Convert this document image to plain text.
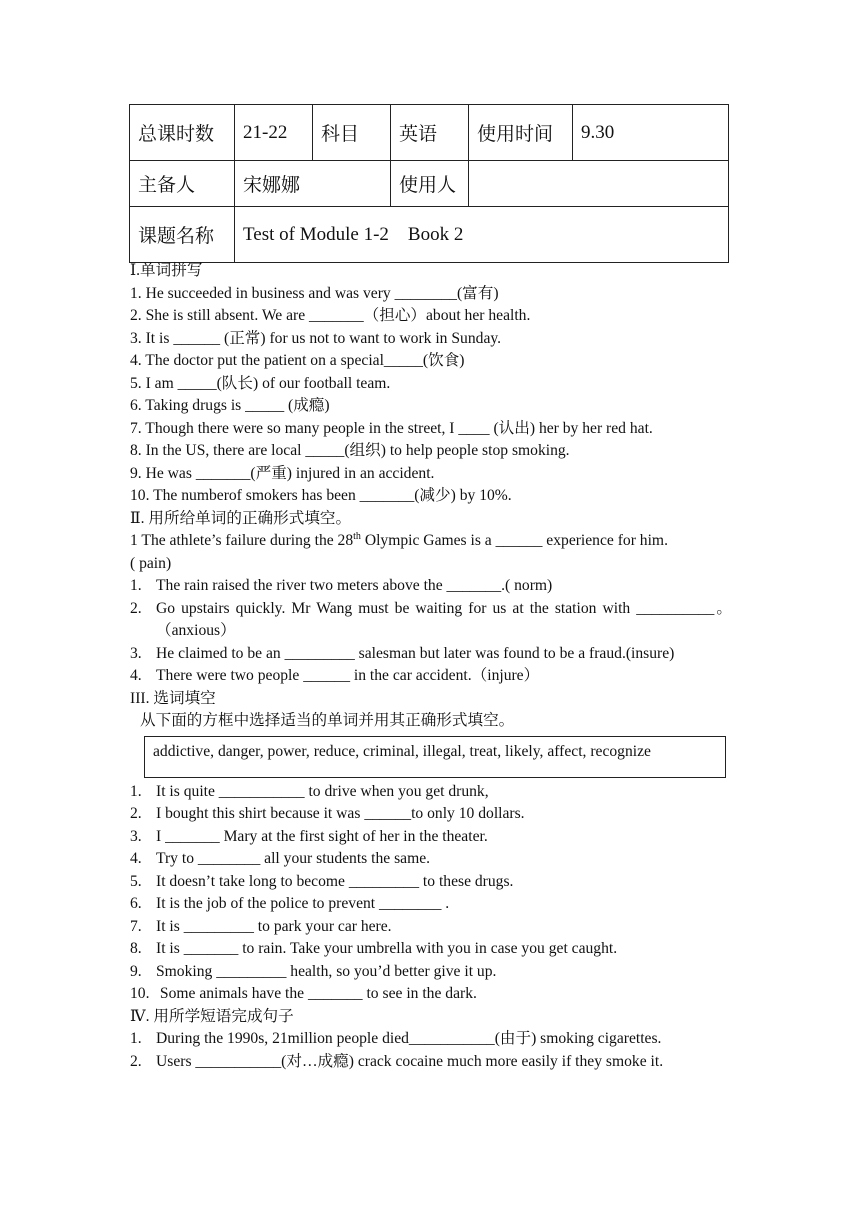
总课时数	21-22	科目	英语	使用时间	9.30
主备人	宋娜娜		使用人		
课题名称	Test of Module 1-2    Book 2				
Ⅰ.单词拼写
1. He succeeded in business and was very ________(富有)
2. She is still absent. We are _______（担心）about her health.
3. It is ______ (正常) for us not to want to work in Sunday.
4. The doctor put the patient on a special_____(饮食)
5. I am _____(队长) of our football team.
6. Taking drugs is _____ (成瘾)
7. Though there were so many people in the street, I ____ (认出) her by her red hat.
8. In the US, there are local _____(组织) to help people stop smoking.
9. He was _______(严重) injured in an accident.
10. The numberof smokers has been _______(减少) by 10%.
Ⅱ. 用所给单词的正确形式填空。
1 The athlete’s failure during the 28th Olympic Games is a ______ experience for him.
( pain)
1. The rain raised the river two meters above the _______.( norm)
2. Go upstairs quickly. Mr Wang must be waiting for us at the station with __________。（anxious）
3. He claimed to be an _________ salesman but later was found to be a fraud.(insure)
4. There were two people ______ in the car accident.（injure）
III. 选词填空
从下面的方框中选择适当的单词并用其正确形式填空。
addictive, danger, power, reduce, criminal, illegal, treat, likely, affect, recognize
1. It is quite ___________ to drive when you get drunk,
2. I bought this shirt because it was ______to only 10 dollars.
3. I _______ Mary at the first sight of her in the theater.
4. Try to ________ all your students the same.
5. It doesn’t take long to become _________ to these drugs.
6. It is the job of the police to prevent ________ .
7. It is _________ to park your car here.
8. It is _______ to rain. Take your umbrella with you in case you get caught.
9. Smoking _________ health, so you’d better give it up.
10. Some animals have the _______ to see in the dark.
Ⅳ. 用所学短语完成句子
1. During the 1990s, 21million people died___________(由于) smoking cigarettes.
2. Users ___________(对…成瘾) crack cocaine much more easily if they smoke it.
